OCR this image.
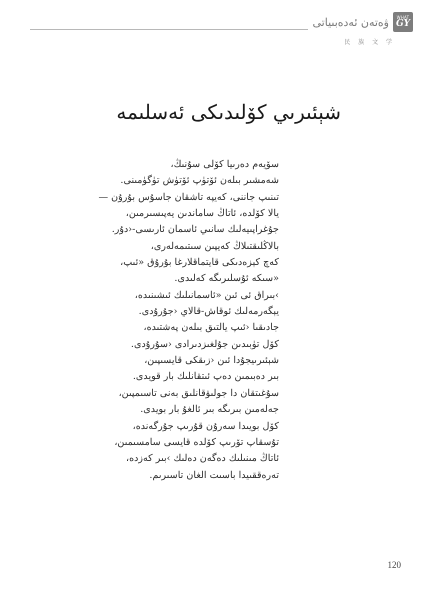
ۋەتەن ئەدەبىياتى WHAT
GY
民 族 文 学
شېئىرىي كۆلىدىكى ئەسلىمە
سۆيەم دەرىيا كۆلى سۇنىڭ،
شەمشىر بىلەن ئۆتۈپ ئۆتۈش تۈگۈمىنى.
تىنىپ جاننى، كەيپە تاشقان جاسۇس بۇرۇن —
يالا كۆلدە، ئاتاڭ ساماندىن يەپىسىرمىن،
جۇغراپىيەلىك سانىي ئاسمان ئارىسى-‹دۇر.
بالاڭلىقتىلاڭ كەيپىن سىتىمەلەرى،
كەچ كېزەدىكى قايتماقلارغا بۇرۇق «ئىپ،
«سىكە ئۇسلىرىگە كەلىدى.
›بىراق ئى ئىن «ئاسمانىلىك ئىشىنىدە،
يېگەرمەلىك ئوقاش-قالاي ‹جۇرۇدى.
جادىقىا ‹ئىپ يالتىق بىلەن پەشتىدە،
كۆل تۈبىدىن جۇلغىزدىرادى ‹سۇرۇدى.
شېئىرىيجۇدا ئىن ‹زىقكى قايسىپىن،
بىر دەبىمىن دەپ ئىتقانلىك بار قويدى.
سۇغىتقان دا جولىۋقانلىق بەنى تاسىمپىن،
جەلەمىن بىرىگە بىر ئالغۇ بار بويدى.
كۆل بويىدا سەرۇن قۇرىپ جۇرگەندە،
تۇسقاپ تۆرىپ كۆلدە قايسى سامسىمىن،
ئاتاڭ مىنىلىك دەگەن دەلىك ›بىر كەزدە،
تەرەققىيدا باسىت الغان تاسىرىم.
120
